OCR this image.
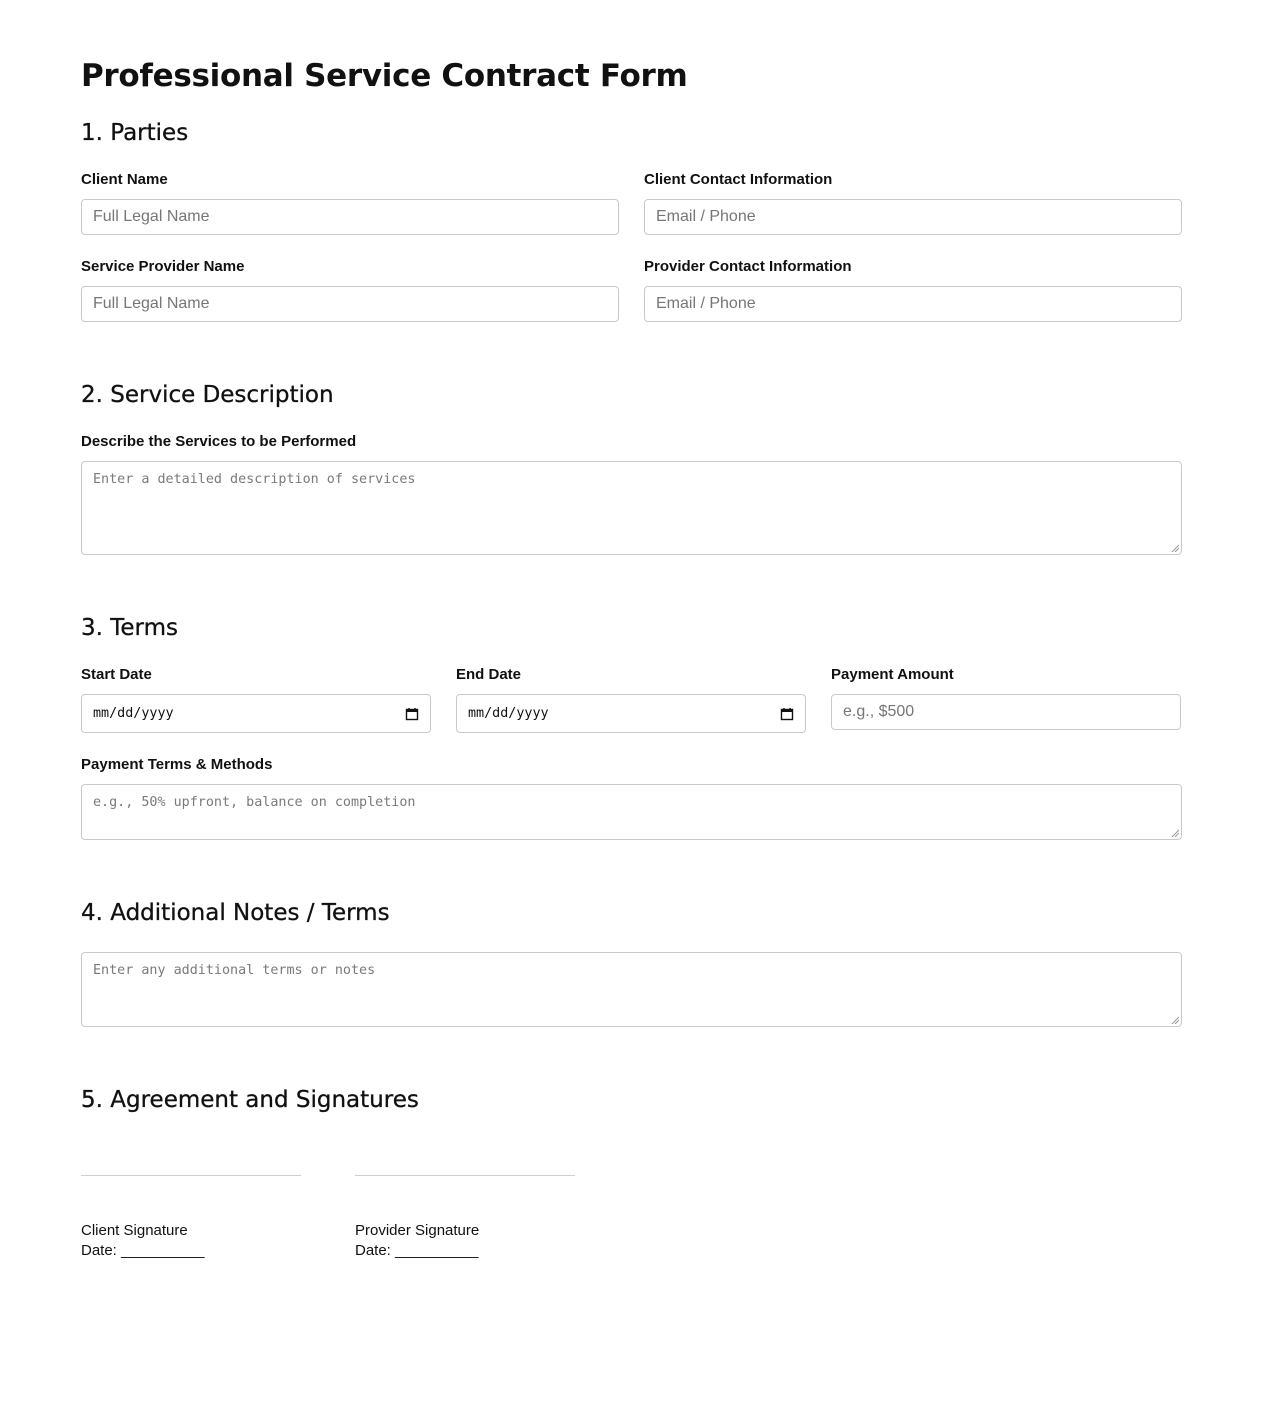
Professional Service Contract Form
1. Parties
Client Name
Full Legal Name
Client Contact Information
Email / Phone
Service Provider Name
Full Legal Name
Provider Contact Information
Email / Phone
2. Service Description
Describe the Services to be Performed
Enter a detailed description of services
3. Terms
Start Date
mm/dd/yyyy
End Date
mm/dd/yyyy
Payment Amount
e.g., $500
Payment Terms & Methods
e.g., 50% upfront, balance on completion
4. Additional Notes / Terms
Enter any additional terms or notes
5. Agreement and Signatures
Client Signature
Date: __________
Provider Signature
Date: __________
